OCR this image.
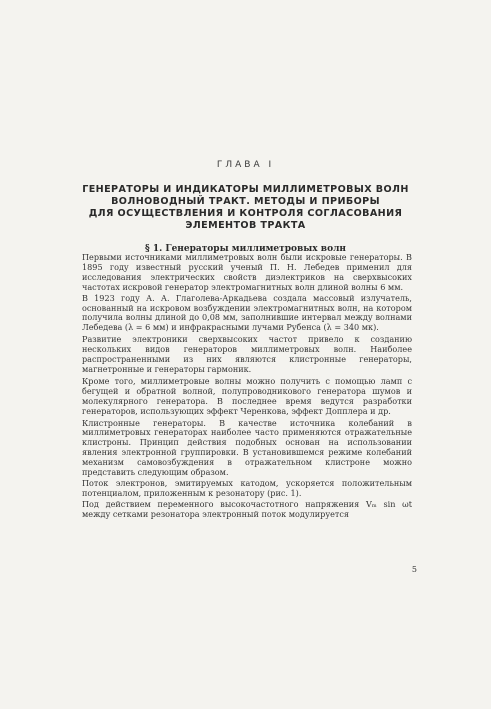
ГЛАВА I
ГЕНЕРАТОРЫ И ИНДИКАТОРЫ МИЛЛИМЕТРОВЫХ ВОЛН
ВОЛНОВОДНЫЙ ТРАКТ. МЕТОДЫ И ПРИБОРЫ
ДЛЯ ОСУЩЕСТВЛЕНИЯ И КОНТРОЛЯ СОГЛАСОВАНИЯ
ЭЛЕМЕНТОВ ТРАКТА
§ 1. Генераторы миллиметровых волн

Первыми источниками миллиметровых волн были искровые генераторы. В 1895 году известный русский ученый П. Н. Лебедев применил для исследования электрических свойств диэлектриков на сверхвысоких частотах искровой генератор электромагнитных волн длиной волны 6 мм.

В 1923 году А. А. Глаголева-Аркадьева создала массовый излучатель, основанный на искровом возбуждении электромагнитных волн, на котором получила волны длиной до 0,08 мм, заполнившие интервал между волнами Лебедева (λ = 6 мм) и инфракрасными лучами Рубенса (λ = 340 мк).

Развитие электроники сверхвысоких частот привело к созданию нескольких видов генераторов миллиметровых волн. Наиболее распространенными из них являются клистронные генераторы, магнетронные и генераторы гармоник.

Кроме того, миллиметровые волны можно получить с помощью ламп с бегущей и обратной волной, полупроводникового генератора шумов и молекулярного генератора. В последнее время ведутся разработки генераторов, использующих эффект Черенкова, эффект Допплера и др.

Клистронные генераторы. В качестве источника колебаний в миллиметровых генераторах наиболее часто применяются отражательные клистроны. Принцип действия подобных основан на использовании явления электронной группировки. В установившемся режиме колебаний механизм самовозбуждения в отражательном клистроне можно представить следующим образом.

Поток электронов, эмитируемых катодом, ускоряется положительным потенциалом, приложенным к резонатору (рис. 1).

Под действием переменного высокочастотного напряжения Vₘ sin ωt между сетками резонатора электронный поток модулируется

5
